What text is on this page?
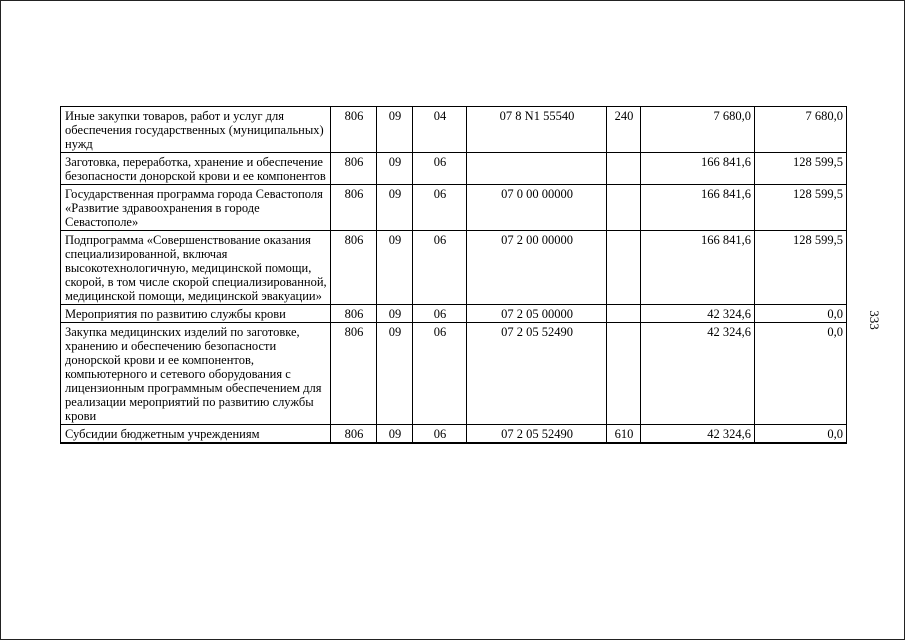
Иные закупки товаров, работ и услуг для обеспечения государственных (муниципальных) нужд	806	09	04	07 8 N1 55540	240	7 680,0	7 680,0
Заготовка, переработка, хранение и обеспечение безопасности донорской крови и ее компонентов	806	09	06			166 841,6	128 599,5
Государственная программа города Севастополя «Развитие здравоохранения в городе Севастополе»	806	09	06	07 0 00 00000		166 841,6	128 599,5
Подпрограмма «Совершенствование оказания специализированной, включая высокотехнологичную, медицинской помощи, скорой, в том числе скорой специализированной, медицинской помощи, медицинской эвакуации»	806	09	06	07 2 00 00000		166 841,6	128 599,5
Мероприятия по развитию службы крови	806	09	06	07 2 05 00000		42 324,6	0,0
Закупка медицинских изделий по заготовке, хранению и обеспечению безопасности донорской крови и ее компонентов, компьютерного и сетевого оборудования с лицензионным программным обеспечением для реализации мероприятий по развитию службы крови	806	09	06	07 2 05 52490		42 324,6	0,0
Субсидии бюджетным учреждениям	806	09	06	07 2 05 52490	610	42 324,6	0,0
333
